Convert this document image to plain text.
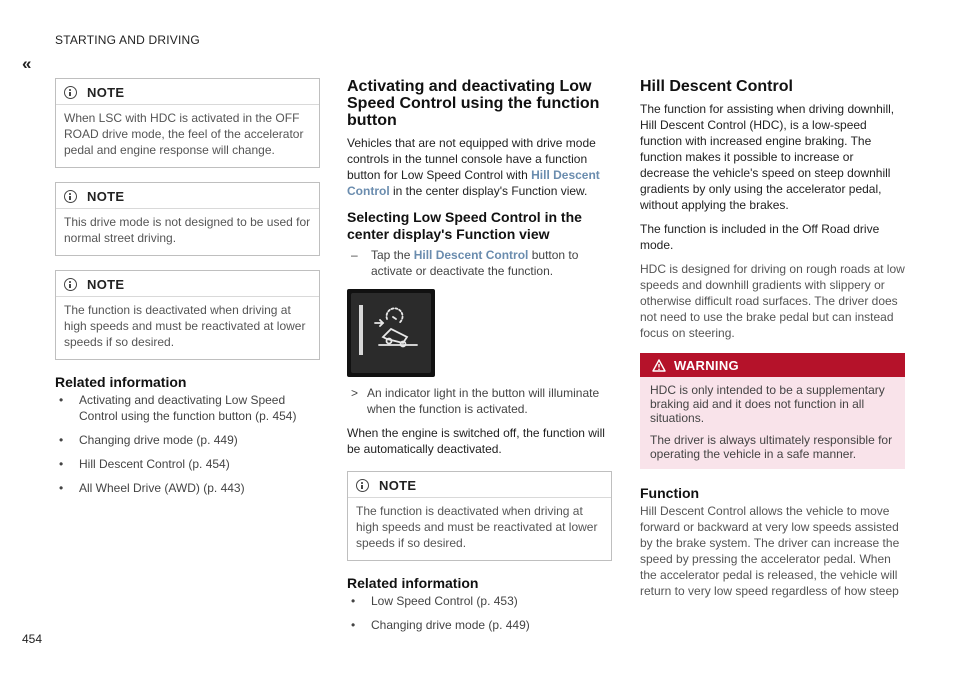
«
STARTING AND DRIVING
454
NOTE
When LSC with HDC is activated in the OFF ROAD drive mode, the feel of the accelerator pedal and engine response will change.
NOTE
This drive mode is not designed to be used for normal street driving.
NOTE
The function is deactivated when driving at high speeds and must be reactivated at lower speeds if so desired.
Related information
•	Activating and deactivating Low Speed Control using the function button (p. 454)
•	Changing drive mode (p. 449)
•	Hill Descent Control (p. 454)
•	All Wheel Drive (AWD) (p. 443)
Activating and deactivating Low Speed Control using the function button

Vehicles that are not equipped with drive mode controls in the tunnel console have a function button for Low Speed Control with Hill Descent Control in the center display's Function view.

Selecting Low Speed Control in the center display's Function view
–	Tap the Hill Descent Control button to activate or deactivate the function.
> An indicator light in the button will illuminate when the function is activated.

When the engine is switched off, the function will be automatically deactivated.

NOTE
The function is deactivated when driving at high speeds and must be reactivated at lower speeds if so desired.
Related information
•	Low Speed Control (p. 453)
•	Changing drive mode (p. 449)
Hill Descent Control

The function for assisting when driving downhill, Hill Descent Control (HDC), is a low-speed function with increased engine braking. The function makes it possible to increase or decrease the vehicle's speed on steep downhill gradients by only using the accelerator pedal, without applying the brakes.

The function is included in the Off Road drive mode.

HDC is designed for driving on rough roads at low speeds and downhill gradients with slippery or otherwise difficult road surfaces. The driver does not need to use the brake pedal but can instead focus on steering.

WARNING

HDC is only intended to be a supplementary braking aid and it does not function in all situations.

The driver is always ultimately responsible for operating the vehicle in a safe manner.

Function

Hill Descent Control allows the vehicle to move forward or backward at very low speeds assisted by the brake system. The driver can increase the speed by pressing the accelerator pedal. When the accelerator pedal is released, the vehicle will return to very low speed regardless of how steep
